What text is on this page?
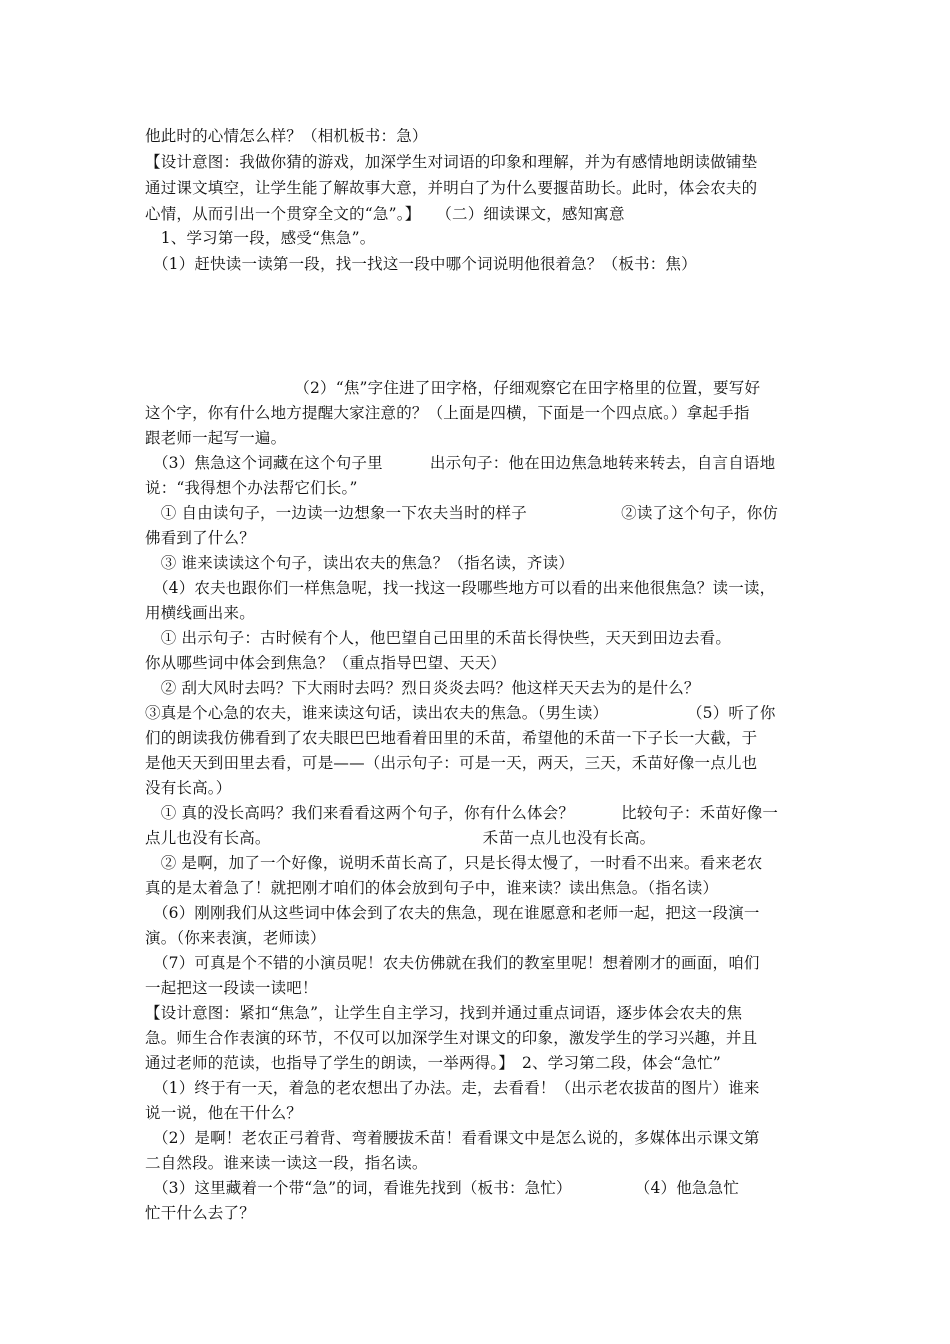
他此时的心情怎么样？（相机板书：急）
【设计意图：我做你猜的游戏，加深学生对词语的印象和理解，并为有感情地朗读做铺垫
通过课文填空，让学生能了解故事大意，并明白了为什么要揠苗助长。此时，体会农夫的
心情，从而引出一个贯穿全文的“急”。】　　（二）细读课文，感知寓意
　1、学习第一段，感受“焦急”。
　（1）赶快读一读第一段，找一找这一段中哪个词说明他很着急？（板书：焦）
　　　　　　　　　　（2）“焦”字住进了田字格，仔细观察它在田字格里的位置，要写好
这个字，你有什么地方提醒大家注意的？（上面是四横，下面是一个四点底。）拿起手指
跟老师一起写一遍。
　（3）焦急这个词藏在这个句子里　　　出示句子：他在田边焦急地转来转去，自言自语地
说：“我得想个办法帮它们长。”
　① 自由读句子，一边读一边想象一下农夫当时的样子　　　　　　②读了这个句子，你仿
佛看到了什么？
　③ 谁来读读这个句子，读出农夫的焦急？（指名读，齐读）
　（4）农夫也跟你们一样焦急呢，找一找这一段哪些地方可以看的出来他很焦急？读一读，
用横线画出来。
　① 出示句子：古时候有个人，他巴望自己田里的禾苗长得快些，天天到田边去看。
你从哪些词中体会到焦急？（重点指导巴望、天天）
　② 刮大风时去吗？下大雨时去吗？烈日炎炎去吗？他这样天天去为的是什么？
③真是个心急的农夫，谁来读这句话，读出农夫的焦急。（男生读）　　　　　　（5）听了你
们的朗读我仿佛看到了农夫眼巴巴地看着田里的禾苗，希望他的禾苗一下子长一大截，于
是他天天到田里去看，可是——（出示句子：可是一天，两天，三天，禾苗好像一点儿也
没有长高。）
　① 真的没长高吗？我们来看看这两个句子，你有什么体会？　　　比较句子：禾苗好像一
点儿也没有长高。　　　　　　　　　　　　　　禾苗一点儿也没有长高。
　② 是啊，加了一个好像，说明禾苗长高了，只是长得太慢了，一时看不出来。看来老农
真的是太着急了！就把刚才咱们的体会放到句子中，谁来读？读出焦急。（指名读）
　（6）刚刚我们从这些词中体会到了农夫的焦急，现在谁愿意和老师一起，把这一段演一
演。（你来表演，老师读）
　（7）可真是个不错的小演员呢！农夫仿佛就在我们的教室里呢！想着刚才的画面，咱们
一起把这一段读一读吧！
【设计意图：紧扣“焦急”，让学生自主学习，找到并通过重点词语，逐步体会农夫的焦
急。师生合作表演的环节，不仅可以加深学生对课文的印象，激发学生的学习兴趣，并且
通过老师的范读，也指导了学生的朗读，一举两得。】　2、学习第二段，体会“急忙”
　（1）终于有一天，着急的老农想出了办法。走，去看看！（出示老农拔苗的图片）谁来
说一说，他在干什么？
　（2）是啊！老农正弓着背、弯着腰拔禾苗！看看课文中是怎么说的，多媒体出示课文第
二自然段。谁来读一读这一段，指名读。
　（3）这里藏着一个带“急”的词，看谁先找到（板书：急忙）　　　　　（4）他急急忙
忙干什么去了？
